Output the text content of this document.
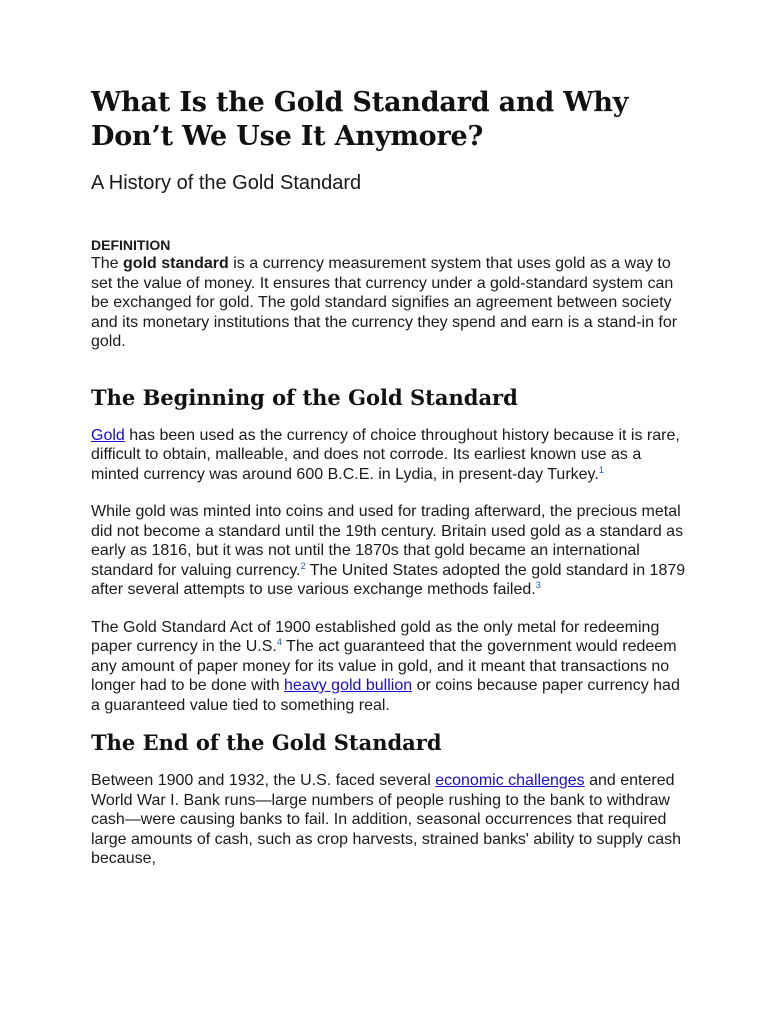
What Is the Gold Standard and Why Don’t We Use It Anymore?
A History of the Gold Standard
DEFINITION

The gold standard is a currency measurement system that uses gold as a way to set the value of money. It ensures that currency under a gold-standard system can be exchanged for gold. The gold standard signifies an agreement between society and its monetary institutions that the currency they spend and earn is a stand-in for gold.

The Beginning of the Gold Standard

Gold has been used as the currency of choice throughout history because it is rare, difficult to obtain, malleable, and does not corrode. Its earliest known use as a minted currency was around 600 B.C.E. in Lydia, in present-day Turkey.$^1$

While gold was minted into coins and used for trading afterward, the precious metal did not become a standard until the 19th century. Britain used gold as a standard as early as 1816, but it was not until the 1870s that gold became an international standard for valuing currency.$^2$ The United States adopted the gold standard in 1879 after several attempts to use various exchange methods failed.$^3$

The Gold Standard Act of 1900 established gold as the only metal for redeeming paper currency in the U.S.$^4$ The act guaranteed that the government would redeem any amount of paper money for its value in gold, and it meant that transactions no longer had to be done with heavy gold bullion or coins because paper currency had a guaranteed value tied to something real.

The End of the Gold Standard

Between 1900 and 1932, the U.S. faced several economic challenges and entered World War I. Bank runs—large numbers of people rushing to the bank to withdraw cash—were causing banks to fail. In addition, seasonal occurrences that required large amounts of cash, such as crop harvests, strained banks' ability to supply cash because,
